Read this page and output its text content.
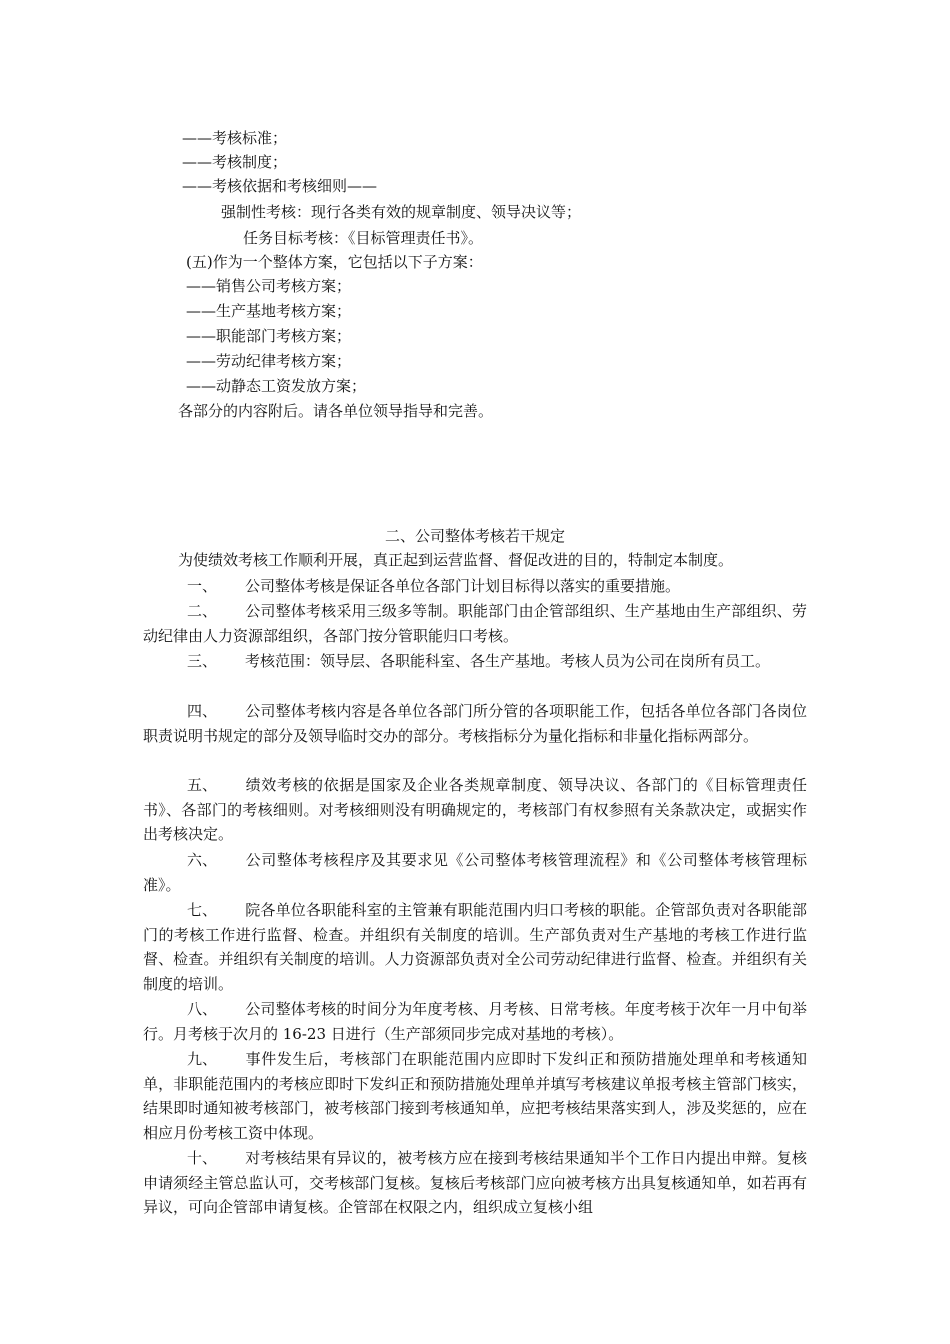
——考核标准；
——考核制度；
——考核依据和考核细则——
强制性考核：现行各类有效的规章制度、领导决议等；
任务目标考核：《目标管理责任书》。
(五)作为一个整体方案，它包括以下子方案：
——销售公司考核方案；
——生产基地考核方案；
——职能部门考核方案；
——劳动纪律考核方案；
——动静态工资发放方案；
各部分的内容附后。请各单位领导指导和完善。
二、公司整体考核若干规定
为使绩效考核工作顺利开展，真正起到运营监督、督促改进的目的，特制定本制度。
一、 公司整体考核是保证各单位各部门计划目标得以落实的重要措施。
二、 公司整体考核采用三级多等制。职能部门由企管部组织、生产基地由生产部组织、劳动纪律由人力资源部组织，各部门按分管职能归口考核。
三、 考核范围：领导层、各职能科室、各生产基地。考核人员为公司在岗所有员工。
四、 公司整体考核内容是各单位各部门所分管的各项职能工作，包括各单位各部门各岗位职责说明书规定的部分及领导临时交办的部分。考核指标分为量化指标和非量化指标两部分。
五、 绩效考核的依据是国家及企业各类规章制度、领导决议、各部门的《目标管理责任书》、各部门的考核细则。对考核细则没有明确规定的，考核部门有权参照有关条款决定，或据实作出考核决定。
六、 公司整体考核程序及其要求见《公司整体考核管理流程》和《公司整体考核管理标准》。
七、 院各单位各职能科室的主管兼有职能范围内归口考核的职能。企管部负责对各职能部门的考核工作进行监督、检查。并组织有关制度的培训。生产部负责对生产基地的考核工作进行监督、检查。并组织有关制度的培训。人力资源部负责对全公司劳动纪律进行监督、检查。并组织有关制度的培训。
八、 公司整体考核的时间分为年度考核、月考核、日常考核。年度考核于次年一月中旬举行。月考核于次月的 16-23 日进行（生产部须同步完成对基地的考核）。
九、 事件发生后，考核部门在职能范围内应即时下发纠正和预防措施处理单和考核通知单，非职能范围内的考核应即时下发纠正和预防措施处理单并填写考核建议单报考核主管部门核实，结果即时通知被考核部门，被考核部门接到考核通知单，应把考核结果落实到人，涉及奖惩的，应在相应月份考核工资中体现。
十、 对考核结果有异议的，被考核方应在接到考核结果通知半个工作日内提出申辩。复核申请须经主管总监认可，交考核部门复核。复核后考核部门应向被考核方出具复核通知单，如若再有异议，可向企管部申请复核。企管部在权限之内，组织成立复核小组
